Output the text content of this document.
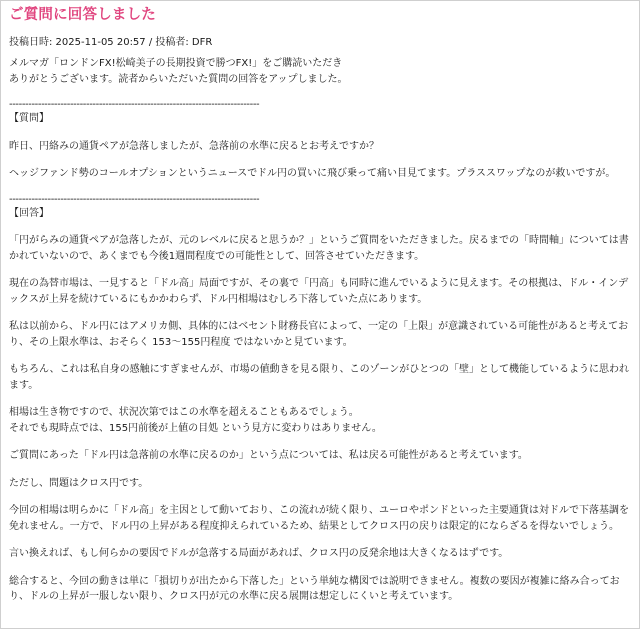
ご質問に回答しました
投稿日時: 2025-11-05 20:57 / 投稿者: DFR

メルマガ「ロンドンFX!松崎美子の長期投資で勝つFX!」をご購読いただき
ありがとうございます。読者からいただいた質問の回答をアップしました。

------------------------------------------------------------------------------

【質問】

昨日、円絡みの通貨ペアが急落しましたが、急落前の水準に戻るとお考えですか？

ヘッジファンド勢のコールオプションというニュースでドル円の買いに飛び乗って痛い目見てます。プラススワップなのが救いですが。

------------------------------------------------------------------------------

【回答】

「円がらみの通貨ペアが急落したが、元のレベルに戻ると思うか？」というご質問をいただきました。戻るまでの「時間軸」については書かれていないので、あくまでも今後1週間程度での可能性として、回答させていただきます。

現在の為替市場は、一見すると「ドル高」局面ですが、その裏で「円高」も同時に進んでいるように見えます。その根拠は、ドル・インデックスが上昇を続けているにもかかわらず、ドル円相場はむしろ下落していた点にあります。

私は以前から、ドル円にはアメリカ側、具体的にはベセント財務長官によって、一定の「上限」が意識されている可能性があると考えており、その上限水準は、おそらく 153〜155円程度 ではないかと見ています。

もちろん、これは私自身の感触にすぎませんが、市場の値動きを見る限り、このゾーンがひとつの「壁」として機能しているように思われます。

相場は生き物ですので、状況次第ではこの水準を超えることもあるでしょう。
それでも現時点では、155円前後が上値の目処 という見方に変わりはありません。

ご質問にあった「ドル円は急落前の水準に戻るのか」という点については、私は戻る可能性があると考えています。

ただし、問題はクロス円です。

今回の相場は明らかに「ドル高」を主因として動いており、この流れが続く限り、ユーロやポンドといった主要通貨は対ドルで下落基調を免れません。一方で、ドル円の上昇がある程度抑えられているため、結果としてクロス円の戻りは限定的にならざるを得ないでしょう。

言い換えれば、もし何らかの要因でドルが急落する局面があれば、クロス円の反発余地は大きくなるはずです。

総合すると、今回の動きは単に「損切りが出たから下落した」という単純な構図では説明できません。複数の要因が複雑に絡み合っており、ドルの上昇が一服しない限り、クロス円が元の水準に戻る展開は想定しにくいと考えています。
